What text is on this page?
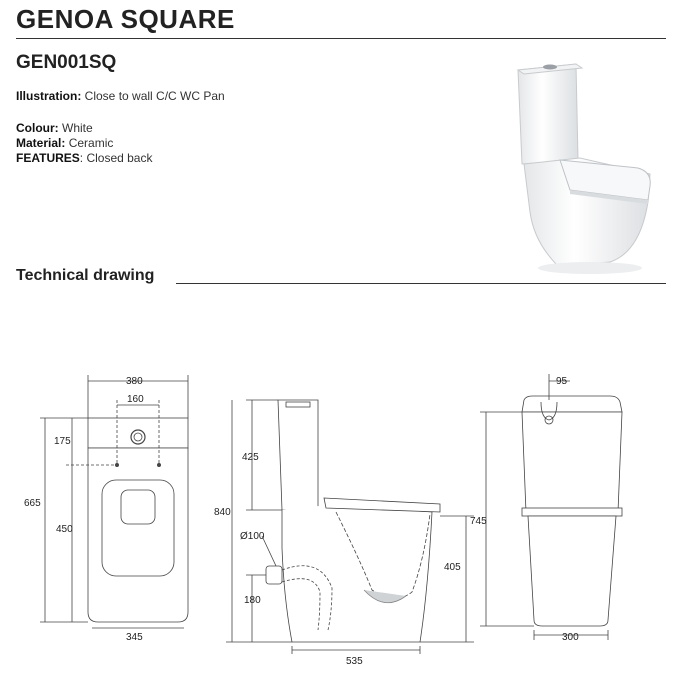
GENOA SQUARE
GEN001SQ
Illustration: Close to wall C/C WC Pan
Colour: White
Material: Ceramic
FEATURES: Closed back
Technical drawing
380
160
175
665
450
345
425
840
Ø100
180
405
535
95
745
300
